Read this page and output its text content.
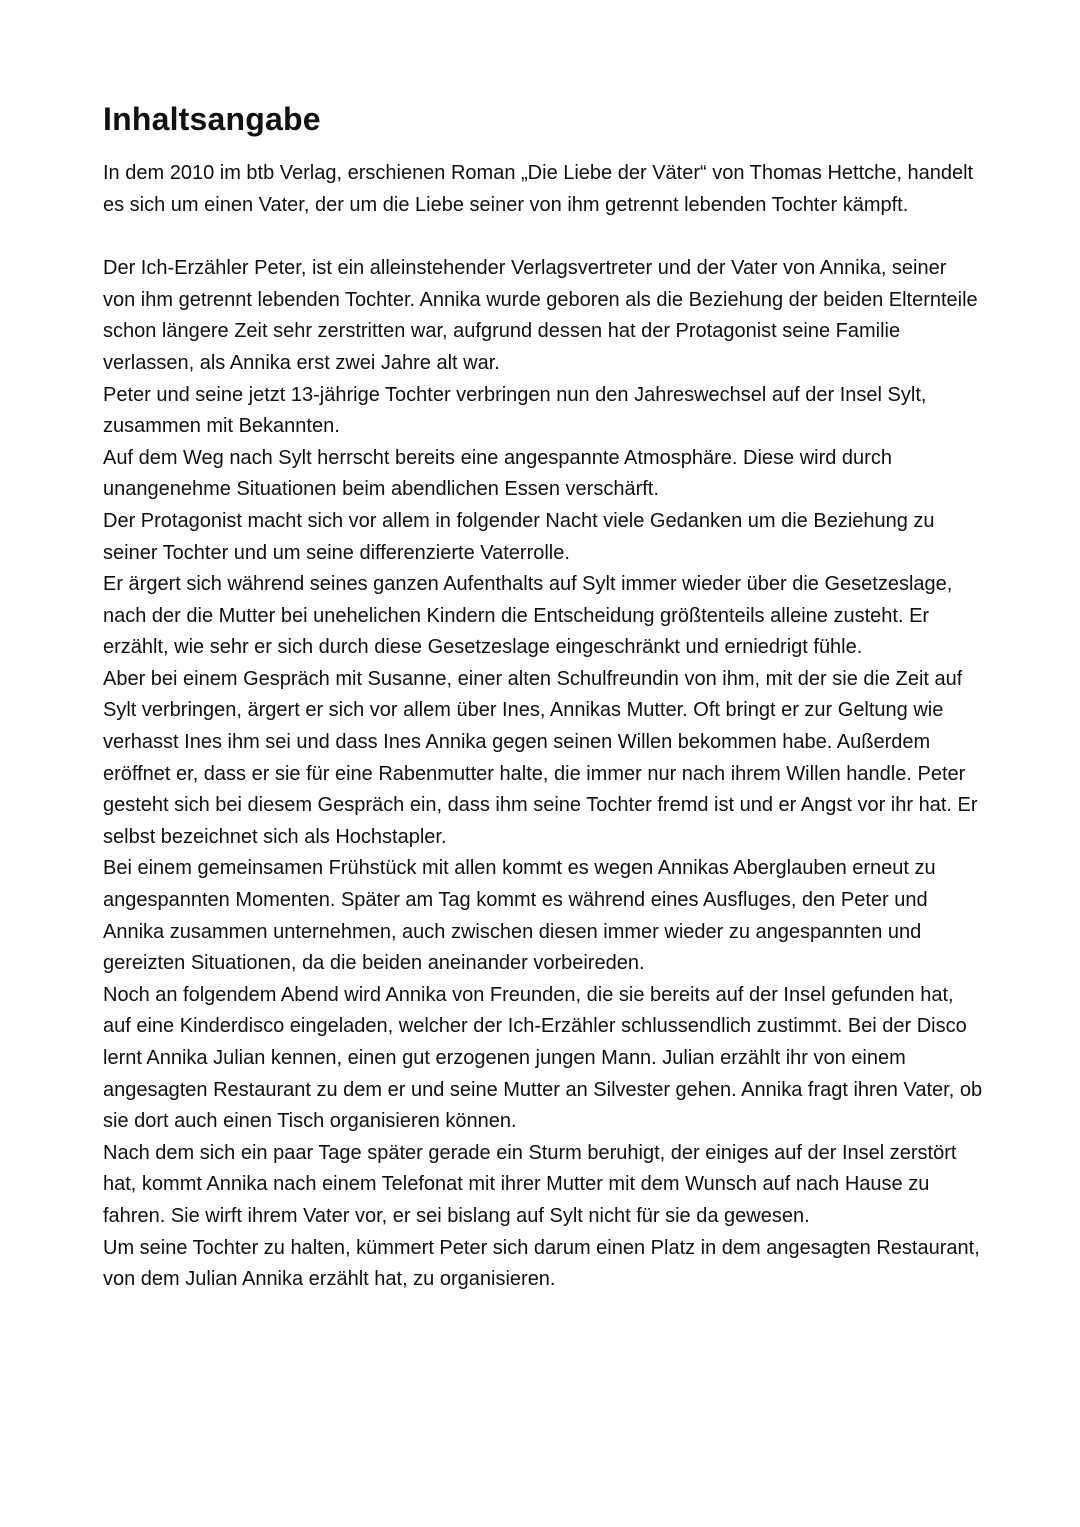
Inhaltsangabe

In dem 2010 im btb Verlag, erschienen Roman „Die Liebe der Väter“ von Thomas Hettche, handelt es sich um einen Vater, der um die Liebe seiner von ihm getrennt lebenden Tochter kämpft.

Der Ich-Erzähler Peter, ist ein alleinstehender Verlagsvertreter und der Vater von Annika, seiner von ihm getrennt lebenden Tochter. Annika wurde geboren als die Beziehung der beiden Elternteile schon längere Zeit sehr zerstritten war, aufgrund dessen hat der Protagonist seine Familie verlassen, als Annika erst zwei Jahre alt war.

Peter und seine jetzt 13-jährige Tochter verbringen nun den Jahreswechsel auf der Insel Sylt, zusammen mit Bekannten.

Auf dem Weg nach Sylt herrscht bereits eine angespannte Atmosphäre. Diese wird durch unangenehme Situationen beim abendlichen Essen verschärft.

Der Protagonist macht sich vor allem in folgender Nacht viele Gedanken um die Beziehung zu seiner Tochter und um seine differenzierte Vaterrolle.

Er ärgert sich während seines ganzen Aufenthalts auf Sylt immer wieder über die Gesetzeslage, nach der die Mutter bei unehelichen Kindern die Entscheidung größtenteils alleine zusteht. Er erzählt, wie sehr er sich durch diese Gesetzeslage eingeschränkt und erniedrigt fühle.

Aber bei einem Gespräch mit Susanne, einer alten Schulfreundin von ihm, mit der sie die Zeit auf Sylt verbringen, ärgert er sich vor allem über Ines, Annikas Mutter. Oft bringt er zur Geltung wie verhasst Ines ihm sei und dass Ines Annika gegen seinen Willen bekommen habe. Außerdem eröffnet er, dass er sie für eine Rabenmutter halte, die immer nur nach ihrem Willen handle. Peter gesteht sich bei diesem Gespräch ein, dass ihm seine Tochter fremd ist und er Angst vor ihr hat. Er selbst bezeichnet sich als Hochstapler.

Bei einem gemeinsamen Frühstück mit allen kommt es wegen Annikas Aberglauben erneut zu angespannten Momenten. Später am Tag kommt es während eines Ausfluges, den Peter und Annika zusammen unternehmen, auch zwischen diesen immer wieder zu angespannten und gereizten Situationen, da die beiden aneinander vorbeireden.

Noch an folgendem Abend wird Annika von Freunden, die sie bereits auf der Insel gefunden hat, auf eine Kinderdisco eingeladen, welcher der Ich-Erzähler schlussendlich zustimmt. Bei der Disco lernt Annika Julian kennen, einen gut erzogenen jungen Mann. Julian erzählt ihr von einem angesagten Restaurant zu dem er und seine Mutter an Silvester gehen. Annika fragt ihren Vater, ob sie dort auch einen Tisch organisieren können.

Nach dem sich ein paar Tage später gerade ein Sturm beruhigt, der einiges auf der Insel zerstört hat, kommt Annika nach einem Telefonat mit ihrer Mutter mit dem Wunsch auf nach Hause zu fahren. Sie wirft ihrem Vater vor, er sei bislang auf Sylt nicht für sie da gewesen.

Um seine Tochter zu halten, kümmert Peter sich darum einen Platz in dem angesagten Restaurant, von dem Julian Annika erzählt hat, zu organisieren.
